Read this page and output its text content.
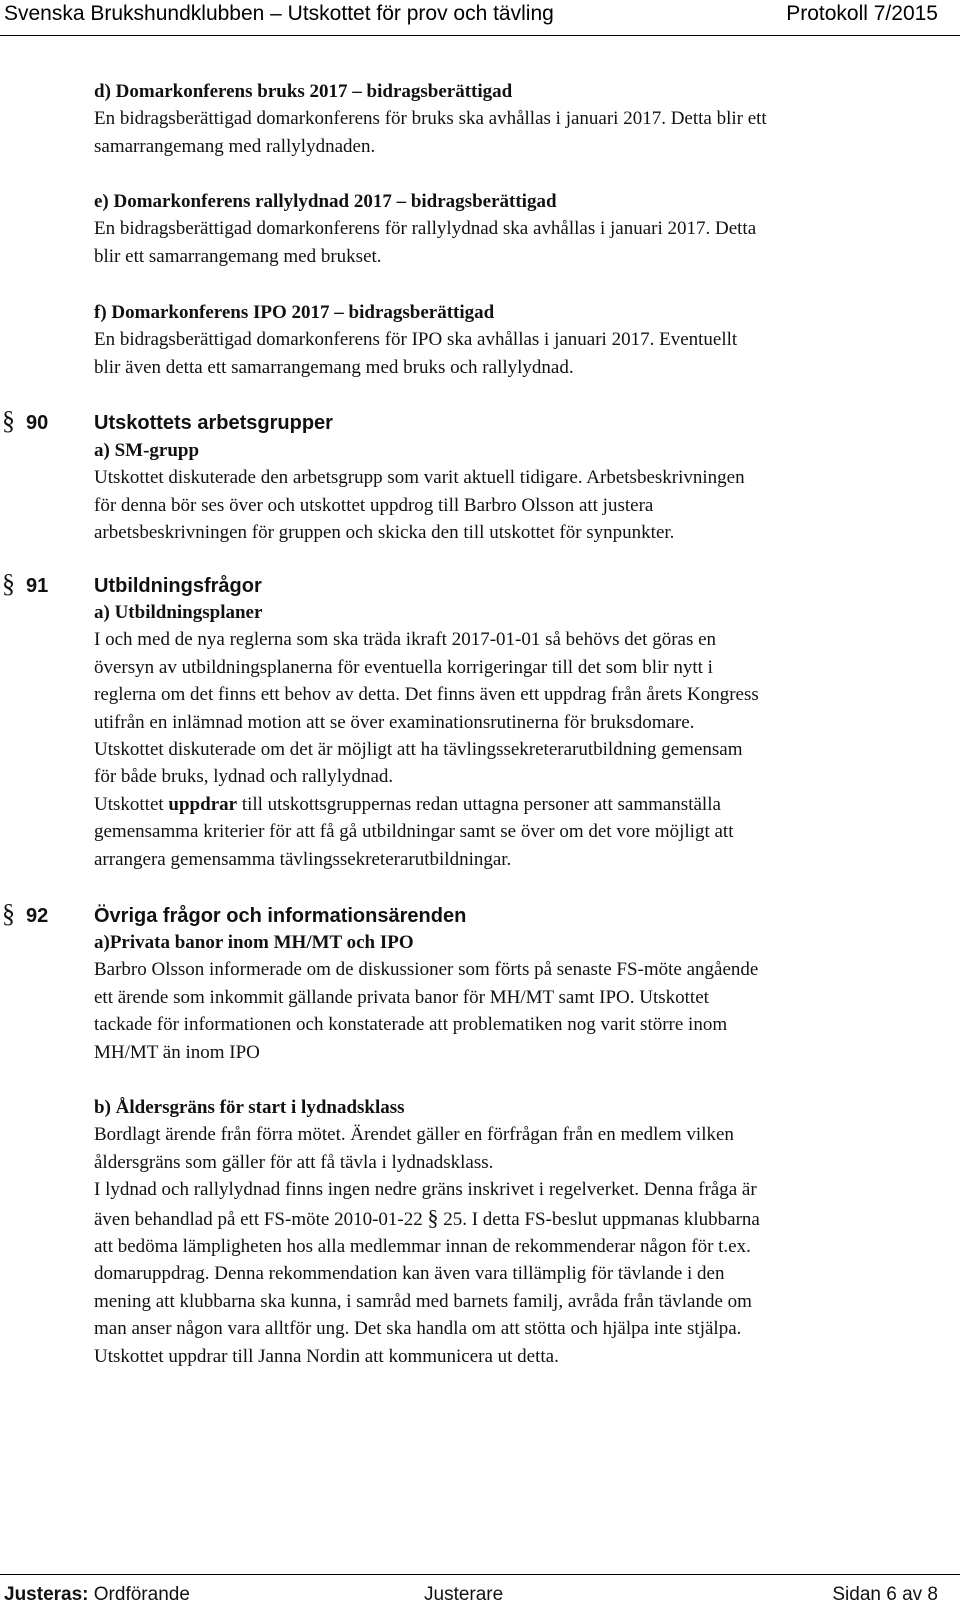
Svenska Brukshundklubben – Utskottet för prov och tävling	Protokoll 7/2015

d) Domarkonferens bruks 2017 – bidragsberättigad

En bidragsberättigad domarkonferens för bruks ska avhållas i januari 2017. Detta blir ett

samarrangemang med rallylydnaden.

e) Domarkonferens rallylydnad 2017 – bidragsberättigad

En bidragsberättigad domarkonferens för rallylydnad ska avhållas i januari 2017. Detta

blir ett samarrangemang med brukset.

f) Domarkonferens IPO 2017 – bidragsberättigad

En bidragsberättigad domarkonferens för IPO ska avhållas i januari 2017. Eventuellt

blir även detta ett samarrangemang med bruks och rallylydnad.

§ 90 Utskottets arbetsgrupper

a) SM-grupp

Utskottet diskuterade den arbetsgrupp som varit aktuell tidigare. Arbetsbeskrivningen

för denna bör ses över och utskottet uppdrog till Barbro Olsson att justera

arbetsbeskrivningen för gruppen och skicka den till utskottet för synpunkter.

§ 91 Utbildningsfrågor

a) Utbildningsplaner

I och med de nya reglerna som ska träda ikraft 2017-01-01 så behövs det göras en

översyn av utbildningsplanerna för eventuella korrigeringar till det som blir nytt i

reglerna om det finns ett behov av detta. Det finns även ett uppdrag från årets Kongress

utifrån en inlämnad motion att se över examinationsrutinerna för bruksdomare.

Utskottet diskuterade om det är möjligt att ha tävlingssekreterarutbildning gemensam

för både bruks, lydnad och rallylydnad.

Utskottet uppdrar till utskottsgruppernas redan uttagna personer att sammanställa

gemensamma kriterier för att få gå utbildningar samt se över om det vore möjligt att

arrangera gemensamma tävlingssekreterarutbildningar.

§ 92 Övriga frågor och informationsärenden

a)Privata banor inom MH/MT och IPO

Barbro Olsson informerade om de diskussioner som förts på senaste FS-möte angående

ett ärende som inkommit gällande privata banor för MH/MT samt IPO. Utskottet

tackade för informationen och konstaterade att problematiken nog varit större inom

MH/MT än inom IPO

b) Åldersgräns för start i lydnadsklass

Bordlagt ärende från förra mötet. Ärendet gäller en förfrågan från en medlem vilken

åldersgräns som gäller för att få tävla i lydnadsklass.

I lydnad och rallylydnad finns ingen nedre gräns inskrivet i regelverket. Denna fråga är

även behandlad på ett FS-möte 2010-01-22 § 25. I detta FS-beslut uppmanas klubbarna

att bedöma lämpligheten hos alla medlemmar innan de rekommenderar någon för t.ex.

domaruppdrag. Denna rekommendation kan även vara tillämplig för tävlande i den

mening att klubbarna ska kunna, i samråd med barnets familj, avråda från tävlande om

man anser någon vara alltför ung. Det ska handla om att stötta och hjälpa inte stjälpa.

Utskottet uppdrar till Janna Nordin att kommunicera ut detta.

Justeras: Ordförande	Justerare	Sidan 6 av 8
